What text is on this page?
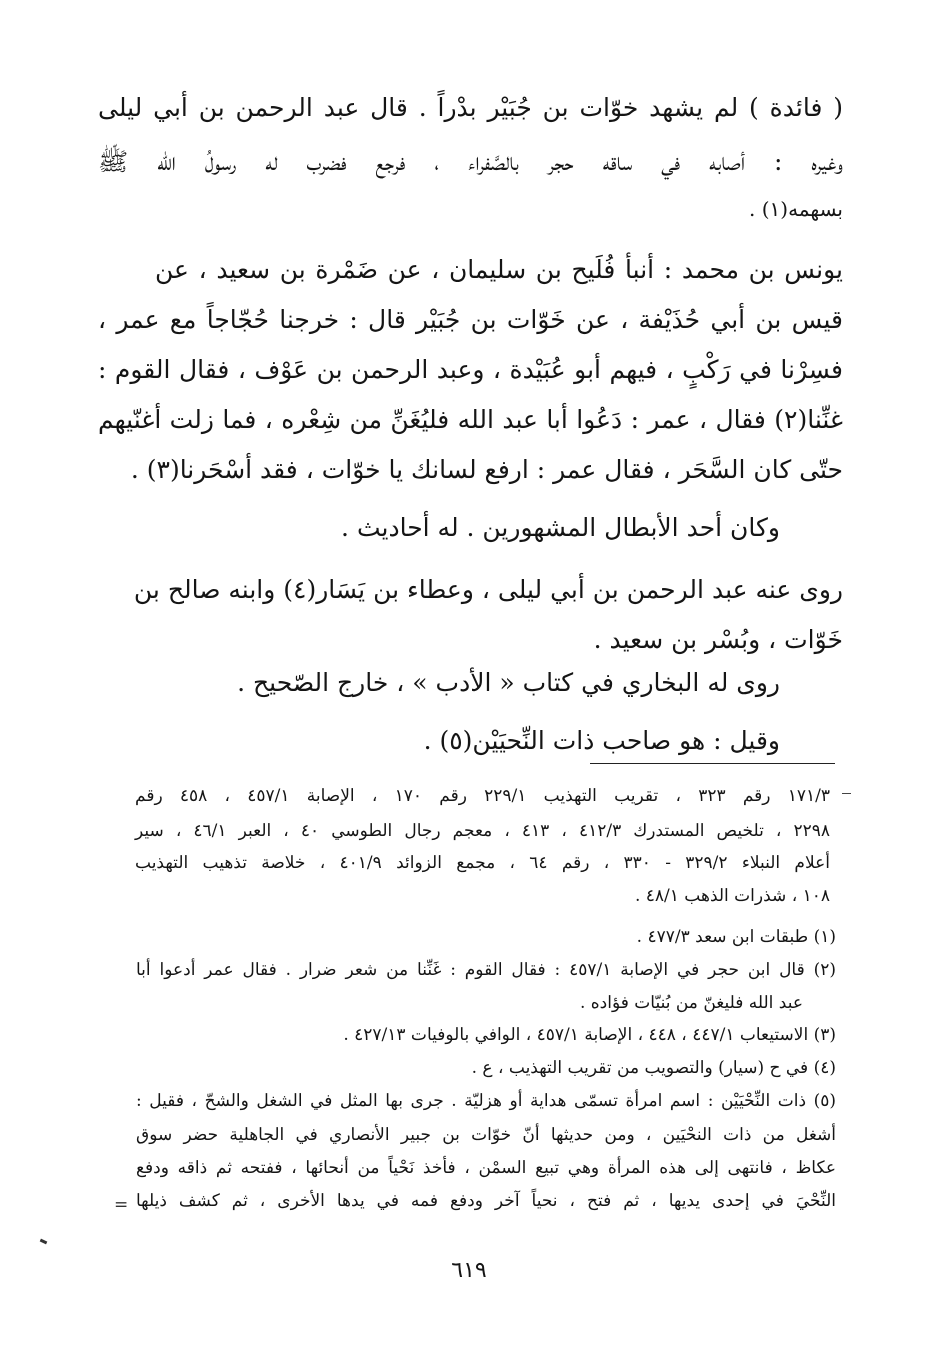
( فائدة ) لم يشهد خوّات بن جُبَيْر بدْراً . قال عبد الرحمن بن أبي ليلى
وغيره : أصابه في ساقه حجر بالصَّفراء ، فرجع فضرب له رسولُ الله ﷺ
بسهمه(١) .
يونس بن محمد : أنبأ فُلَيح بن سليمان ، عن ضَمْرة بن سعيد ، عن
قيس بن أبي حُذَيْفة ، عن خَوّات بن جُبَيْر قال : خرجنا حُجّاجاً مع عمر ،
فسِرْنا في رَكْبٍ ، فيهم أبو عُبَيْدة ، وعبد الرحمن بن عَوْف ، فقال القوم :
غنِّنا(٢) فقال ، عمر : دَعُوا أبا عبد الله فليُغَنِّ من شِعْره ، فما زلت أغنّيهم
حتّى كان السَّحَر ، فقال عمر : ارفع لسانك يا خوّات ، فقد أسْحَرنا(٣) .
وكان أحد الأبطال المشهورين . له أحاديث .
روى عنه عبد الرحمن بن أبي ليلى ، وعطاء بن يَسَار(٤) وابنه صالح بن
خَوّات ، وبُسْر بن سعيد .
روى له البخاري في كتاب « الأدب » ، خارج الصّحيح .
وقيل : هو صاحب ذات النِّحيَيْن(٥) .
١٧١/٣ رقم ٣٢٣ ، تقريب التهذيب ٢٢٩/١ رقم ١٧٠ ، الإصابة ٤٥٧/١ ، ٤٥٨ رقم
٢٢٩٨ ، تلخيص المستدرك ٤١٢/٣ ، ٤١٣ ، معجم رجال الطوسي ٤٠ ، العبر ٤٦/١ ، سير
أعلام النبلاء ٣٢٩/٢ - ٣٣٠ ، رقم ٦٤ ، مجمع الزوائد ٤٠١/٩ ، خلاصة تذهيب التهذيب
١٠٨ ، شذرات الذهب ٤٨/١ .
(١) طبقات ابن سعد ٤٧٧/٣ .
(٢) قال ابن حجر في الإصابة ٤٥٧/١ : فقال القوم : غَنِّنا من شعر ضرار . فقال عمر أدعوا أبا
عبد الله فليغنّ من بُنيّات فؤاده .
(٣) الاستيعاب ٤٤٧/١ ، ٤٤٨ ، الإصابة ٤٥٧/١ ، الوافي بالوفيات ٤٢٧/١٣ .
(٤) في ح (سيار) والتصويب من تقريب التهذيب ، ع .
(٥) ذات النِّحْيَيْن : اسم امرأة تسمّى هداية أو هزليّة . جرى بها المثل في الشغل والشحّ ، فقيل :
أشغل من ذات النحْيَين ، ومن حديثها أنّ خوّات بن جبير الأنصاري في الجاهلية حضر سوق
عكاظ ، فانتهى إلى هذه المرأة وهي تبيع السمْن ، فأخذ نَحْياً من أنحائها ، ففتحه ثم ذاقه ودفع
النِّحْيَ في إحدى يديها ، ثم فتح ، نحياً آخر ودفع فمه في يدها الأخرى ، ثم كشف ذيلها
=
٦١٩
